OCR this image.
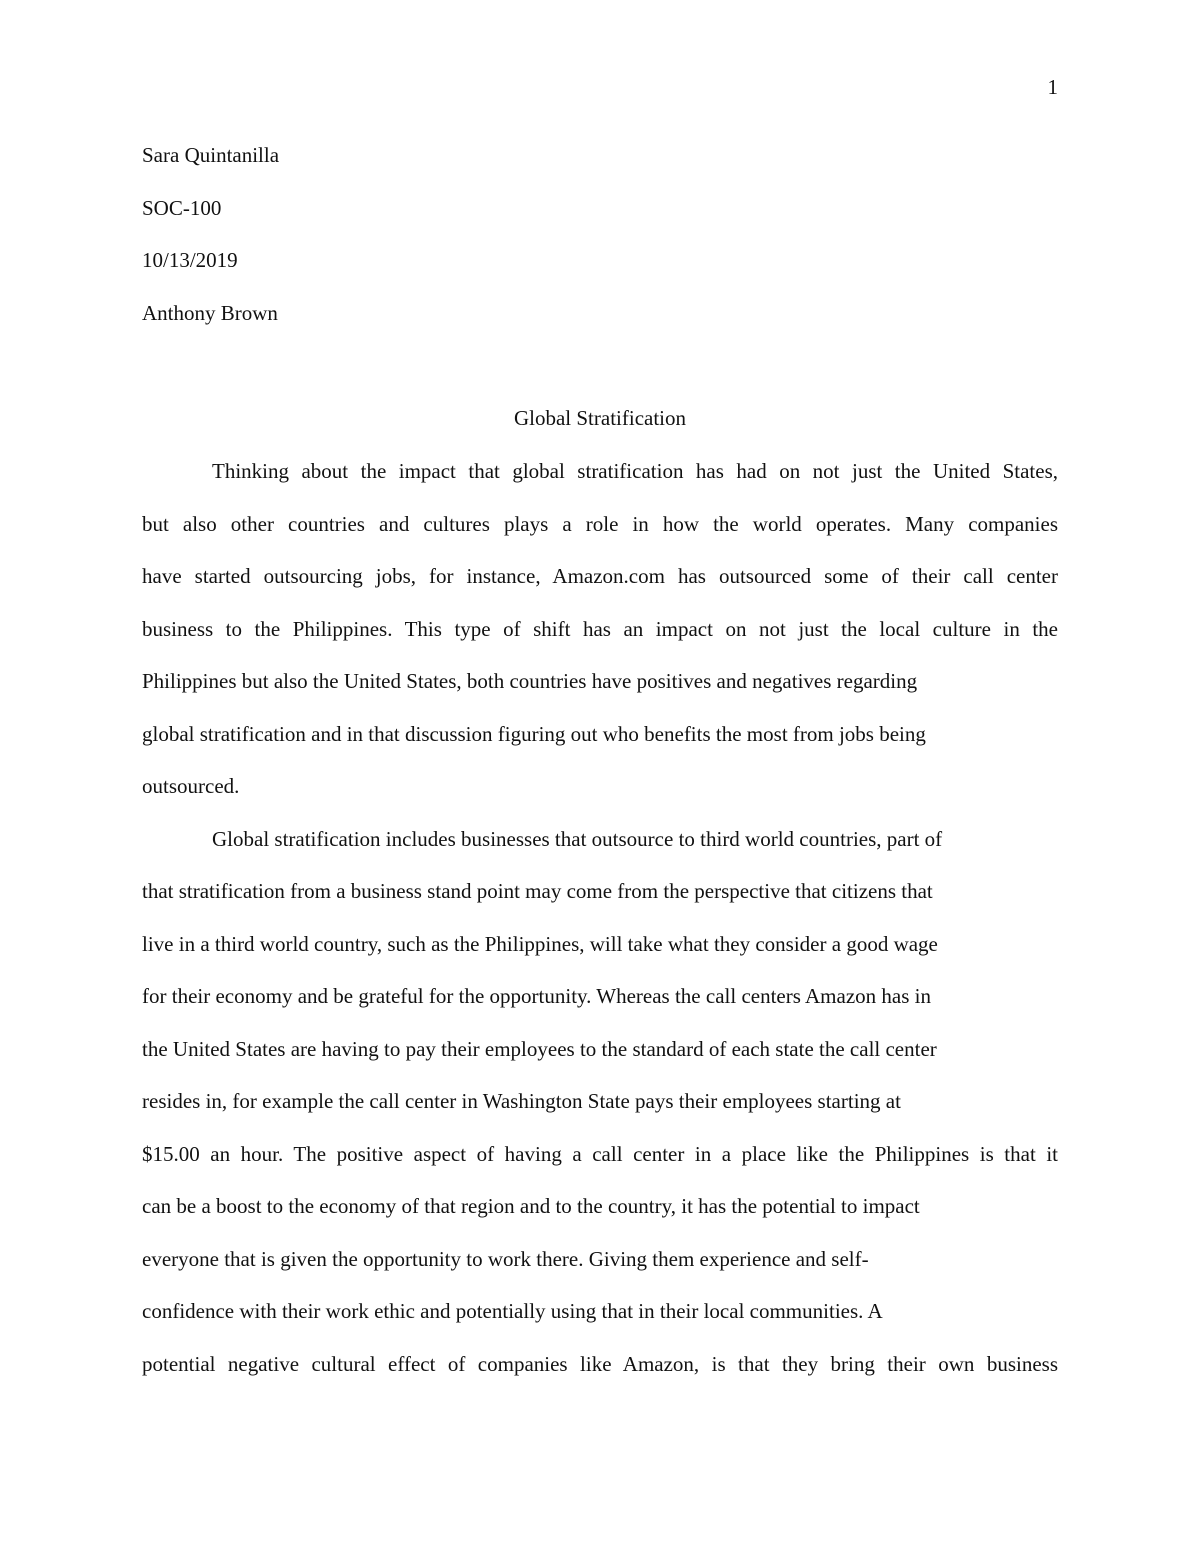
1
Sara Quintanilla
SOC-100
10/13/2019
Anthony Brown
Global Stratification
Thinking about the impact that global stratification has had on not just the United States,
but also other countries and cultures plays a role in how the world operates. Many companies
have started outsourcing jobs, for instance, Amazon.com has outsourced some of their call center
business to the Philippines. This type of shift has an impact on not just the local culture in the
Philippines but also the United States, both countries have positives and negatives regarding
global stratification and in that discussion figuring out who benefits the most from jobs being
outsourced.
Global stratification includes businesses that outsource to third world countries, part of
that stratification from a business stand point may come from the perspective that citizens that
live in a third world country, such as the Philippines, will take what they consider a good wage
for their economy and be grateful for the opportunity. Whereas the call centers Amazon has in
the United States are having to pay their employees to the standard of each state the call center
resides in, for example the call center in Washington State pays their employees starting at
$15.00 an hour. The positive aspect of having a call center in a place like the Philippines is that it
can be a boost to the economy of that region and to the country, it has the potential to impact
everyone that is given the opportunity to work there. Giving them experience and self-
confidence with their work ethic and potentially using that in their local communities. A
potential negative cultural effect of companies like Amazon, is that they bring their own business
